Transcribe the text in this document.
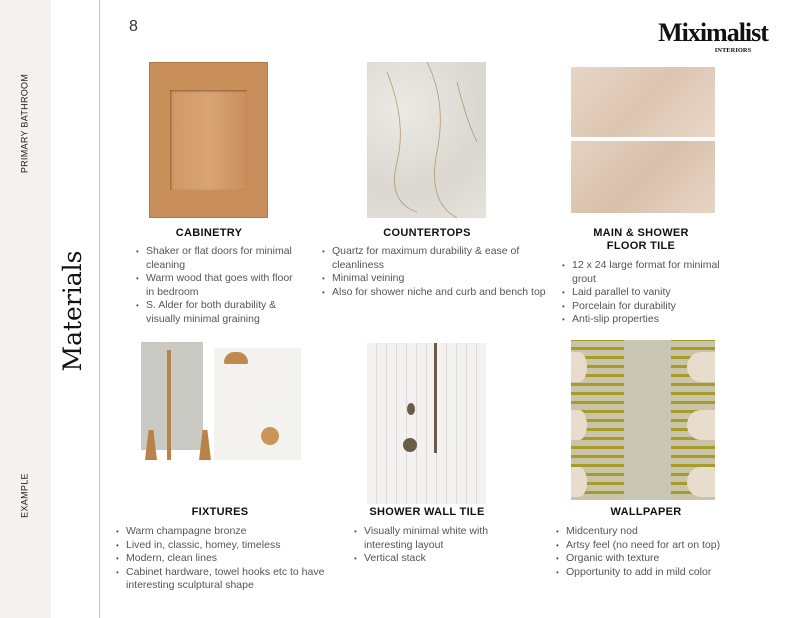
PRIMARY BATHROOM
EXAMPLE
Materials
8	Miximalist
INTERIORS
CABINETRY	COUNTERTOPS	MAIN & SHOWER FLOOR TILE
FIXTURES	SHOWER WALL TILE	WALLPAPER
• Shaker or flat doors for minimal cleaning
• Warm wood that goes with floor in bedroom
• S. Alder for both durability & visually minimal graining
• Quartz for maximum durability & ease of cleanliness
• Minimal veining
• Also for shower niche and curb and bench top
• 12 x 24 large format for minimal grout
• Laid parallel to vanity
• Porcelain for durability
• Anti-slip properties
• Warm champagne bronze
• Lived in, classic, homey, timeless
• Modern, clean lines
• Cabinet hardware, towel hooks etc to have interesting sculptural shape
• Visually minimal white with interesting layout
• Vertical stack
• Midcentury nod
• Artsy feel (no need for art on top)
• Organic with texture
• Opportunity to add in mild color
